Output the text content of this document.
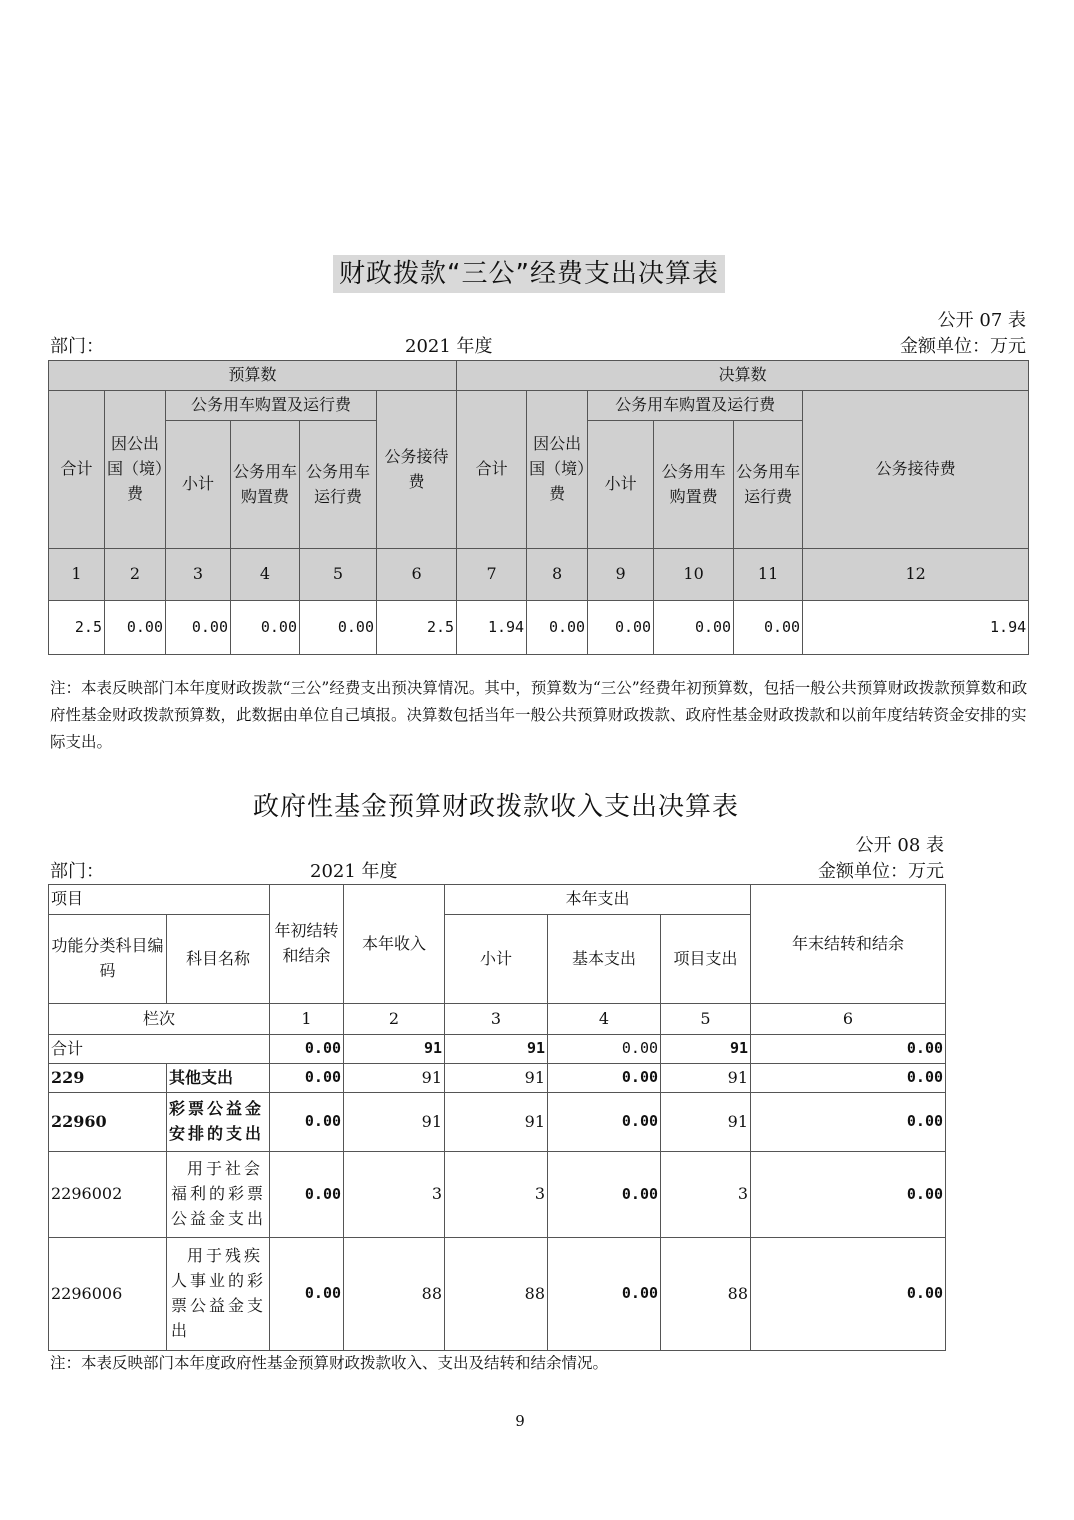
财政拨款“三公”经费支出决算表
公开 07 表
部门：	2021 年度	金额单位：万元
预算数						决算数					
合计	因公出国（境）费	公务用车购置及运行费			公务接待费	合计	因公出国（境）费	公务用车购置及运行费			公务接待费
		小计	公务用车购置费	公务用车运行费				小计	公务用车购置费	公务用车运行费	
1	2	3	4	5	6	7	8	9	10	11	12
2.5	0.00	0.00	0.00	0.00	2.5	1.94	0.00	0.00	0.00	0.00	1.94
注：本表反映部门本年度财政拨款“三公”经费支出预决算情况。其中，预算数为“三公”经费年初预算数，包括一般公共预算财政拨款预算数和政府性基金财政拨款预算数，此数据由单位自己填报。决算数包括当年一般公共预算财政拨款、政府性基金财政拨款和以前年度结转资金安排的实际支出。
政府性基金预算财政拨款收入支出决算表
公开 08 表
部门：	2021 年度	金额单位：万元
项目		年初结转和结余	本年收入	本年支出			年末结转和结余
功能分类科目编码	科目名称			小计	基本支出	项目支出	
栏次		1	2	3	4	5	6
合计		0.00	91	91	0.00	91	0.00
229	其他支出	0.00	91	91	0.00	91	0.00
22960	彩票公益金安排的支出	0.00	91	91	0.00	91	0.00
2296002	用于社会福利的彩票公益金支出	0.00	3	3	0.00	3	0.00
2296006	用于残疾人事业的彩票公益金支出	0.00	88	88	0.00	88	0.00
注：本表反映部门本年度政府性基金预算财政拨款收入、支出及结转和结余情况。
9
